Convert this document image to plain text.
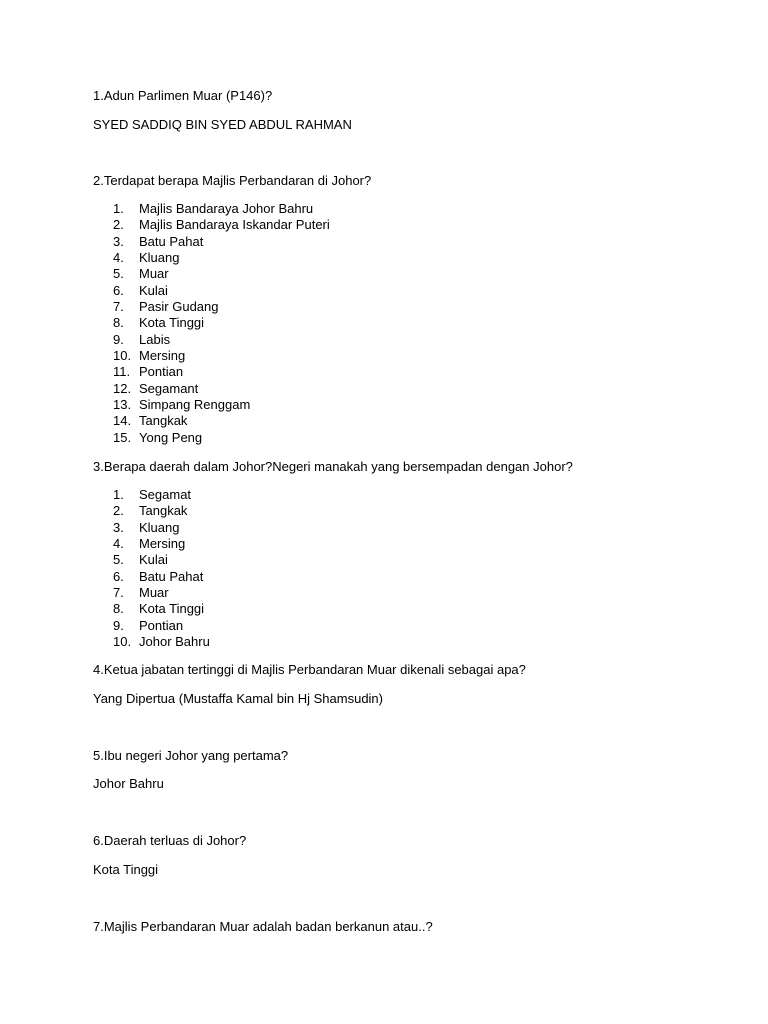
1.Adun Parlimen Muar (P146)?

SYED SADDIQ BIN SYED ABDUL RAHMAN

2.Terdapat berapa Majlis Perbandaran di Johor?

1. Majlis Bandaraya Johor Bahru
2. Majlis Bandaraya Iskandar Puteri
3. Batu Pahat
4. Kluang
5. Muar
6. Kulai
7. Pasir Gudang
8. Kota Tinggi
9. Labis
10. Mersing
11. Pontian
12. Segamant
13. Simpang Renggam
14. Tangkak
15. Yong Peng

3.Berapa daerah dalam Johor?Negeri manakah yang bersempadan dengan Johor?

1. Segamat
2. Tangkak
3. Kluang
4. Mersing
5. Kulai
6. Batu Pahat
7. Muar
8. Kota Tinggi
9. Pontian
10. Johor Bahru

4.Ketua jabatan tertinggi di Majlis Perbandaran Muar dikenali sebagai apa?

Yang Dipertua (Mustaffa Kamal bin Hj Shamsudin)

5.Ibu negeri Johor yang pertama?

Johor Bahru

6.Daerah terluas di Johor?

Kota Tinggi

7.Majlis Perbandaran Muar adalah badan berkanun atau..?
